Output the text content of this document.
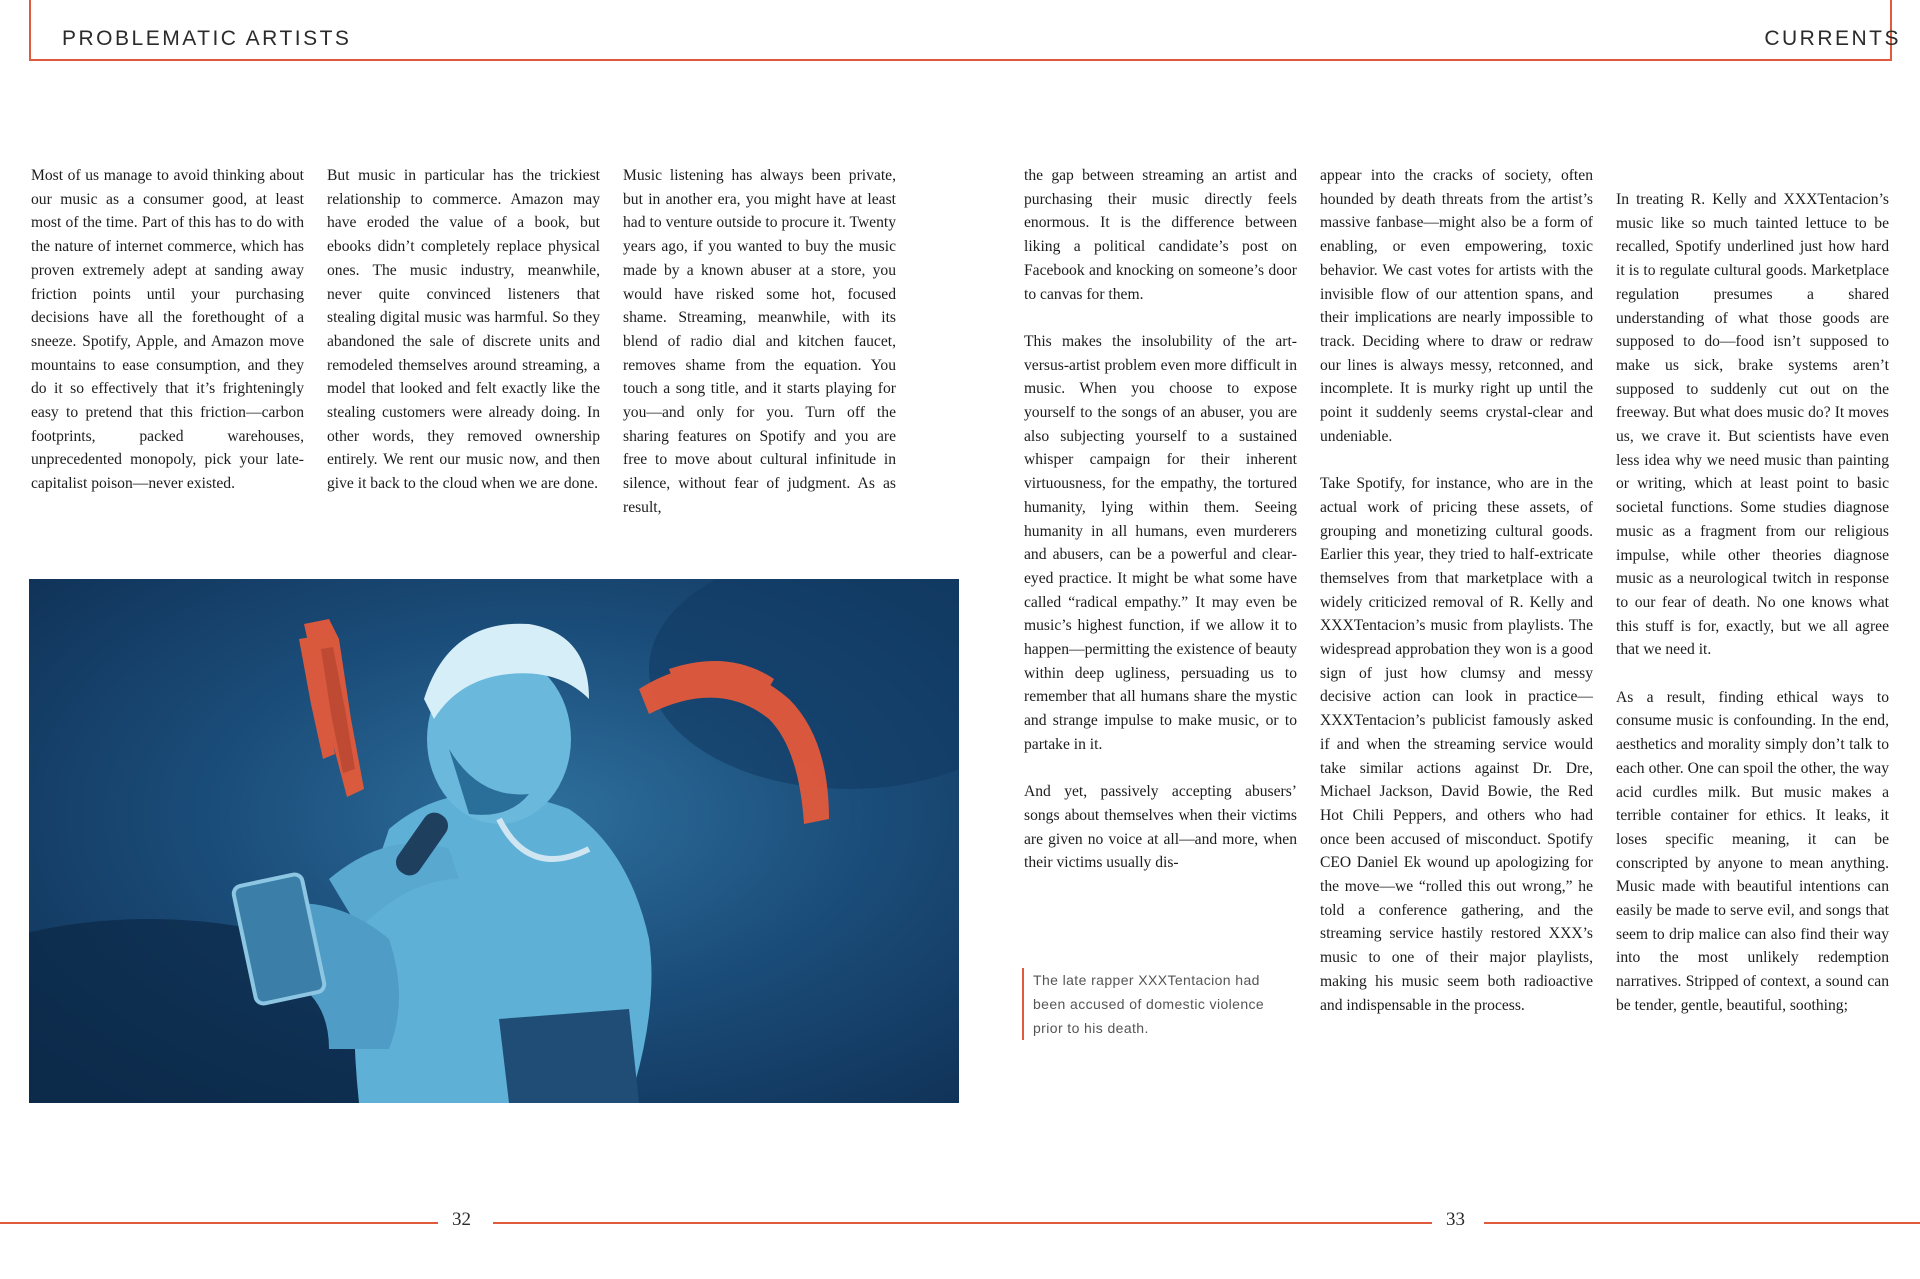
PROBLEMATIC ARTISTS

Most of us manage to avoid thinking about our music as a consumer good, at least most of the time. Part of this has to do with the nature of internet commerce, which has proven extremely adept at sanding away friction points until your purchasing decisions have all the forethought of a sneeze. Spotify, Apple, and Amazon move mountains to ease consumption, and they do it so effectively that it’s frighteningly easy to pretend that this friction—carbon footprints, packed warehouses, unprecedented monopoly, pick your late-capitalist poison—never existed.

But music in particular has the trickiest relationship to commerce. Amazon may have eroded the value of a book, but ebooks didn’t completely replace physical ones. The music industry, meanwhile, never quite convinced listeners that stealing digital music was harmful. So they abandoned the sale of discrete units and remodeled themselves around streaming, a model that looked and felt exactly like the stealing customers were already doing. In other words, they removed ownership entirely. We rent our music now, and then give it back to the cloud when we are done.

Music listening has always been private, but in another era, you might have at least had to venture outside to procure it. Twenty years ago, if you wanted to buy the music made by a known abuser at a store, you would have risked some hot, focused shame. Streaming, meanwhile, with its blend of radio dial and kitchen faucet, removes shame from the equation. You touch a song title, and it starts playing for you—and only for you. Turn off the sharing features on Spotify and you are free to move about cultural infinitude in silence, without fear of judgment. As as result,

32
CURRENTS

the gap between streaming an artist and purchasing their music directly feels enormous. It is the difference between liking a political candidate’s post on Facebook and knocking on someone’s door to canvas for them.

This makes the insolubility of the art-versus-artist problem even more difficult in music. When you choose to expose yourself to the songs of an abuser, you are also subjecting yourself to a sustained whisper campaign for their inherent virtuousness, for the empathy, the tortured humanity, lying within them. Seeing humanity in all humans, even murderers and abusers, can be a powerful and clear-eyed practice. It might be what some have called “radical empathy.” It may even be music’s highest function, if we allow it to happen—permitting the existence of beauty within deep ugliness, persuading us to remember that all humans share the mystic and strange impulse to make music, or to partake in it.

And yet, passively accepting abusers’ songs about themselves when their victims are given no voice at all—and more, when their victims usually dis-

The late rapper XXXTentacion had been accused of domestic violence prior to his death.

appear into the cracks of society, often hounded by death threats from the artist’s massive fanbase—might also be a form of enabling, or even empowering, toxic behavior. We cast votes for artists with the invisible flow of our attention spans, and their implications are nearly impossible to track. Deciding where to draw or redraw our lines is always messy, retconned, and incomplete. It is murky right up until the point it suddenly seems crystal-clear and undeniable.

Take Spotify, for instance, who are in the actual work of pricing these assets, of grouping and monetizing cultural goods. Earlier this year, they tried to half-extricate themselves from that marketplace with a widely criticized removal of R. Kelly and XXXTentacion’s music from playlists. The widespread approbation they won is a good sign of just how clumsy and messy decisive action can look in practice—XXXTentacion’s publicist famously asked if and when the streaming service would take similar actions against Dr. Dre, Michael Jackson, David Bowie, the Red Hot Chili Peppers, and others who had once been accused of misconduct. Spotify CEO Daniel Ek wound up apologizing for the move—we “rolled this out wrong,” he told a conference gathering, and the streaming service hastily restored XXX’s music to one of their major playlists, making his music seem both radioactive and indispensable in the process.

In treating R. Kelly and XXXTentacion’s music like so much tainted lettuce to be recalled, Spotify underlined just how hard it is to regulate cultural goods. Marketplace regulation presumes a shared understanding of what those goods are supposed to do—food isn’t supposed to make us sick, brake systems aren’t supposed to suddenly cut out on the freeway. But what does music do? It moves us, we crave it. But scientists have even less idea why we need music than painting or writing, which at least point to basic societal functions. Some studies diagnose music as a fragment from our religious impulse, while other theories diagnose music as a neurological twitch in response to our fear of death. No one knows what this stuff is for, exactly, but we all agree that we need it.

As a result, finding ethical ways to consume music is confounding. In the end, aesthetics and morality simply don’t talk to each other. One can spoil the other, the way acid curdles milk. But music makes a terrible container for ethics. It leaks, it loses specific meaning, it can be conscripted by anyone to mean anything. Music made with beautiful intentions can easily be made to serve evil, and songs that seem to drip malice can also find their way into the most unlikely redemption narratives. Stripped of context, a sound can be tender, gentle, beautiful, soothing;

33
